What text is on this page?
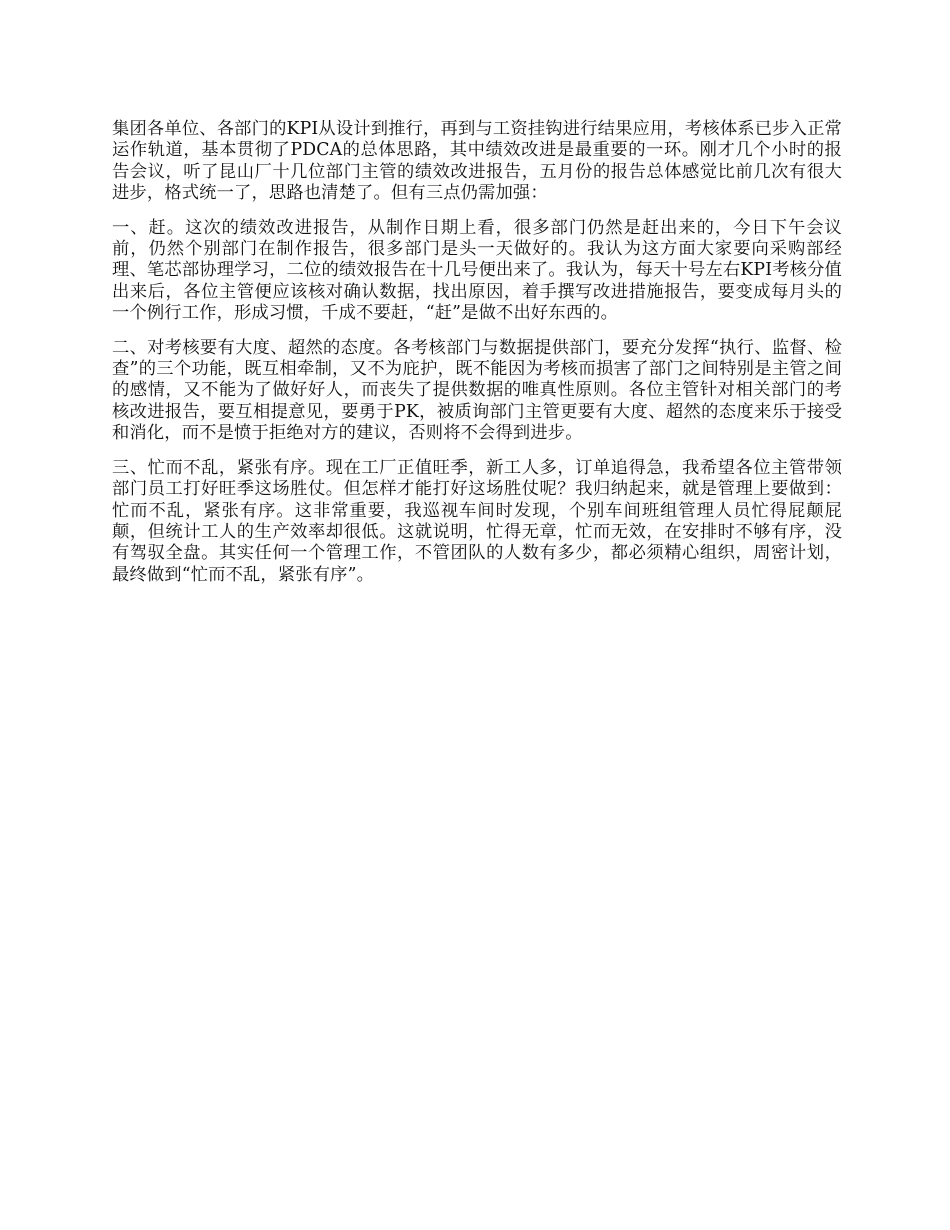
集团各单位、各部门的KPI从设计到推行，再到与工资挂钩进行结果应用，考核体系已步入正常运作轨道，基本贯彻了PDCA的总体思路，其中绩效改进是最重要的一环。刚才几个小时的报告会议，听了昆山厂十几位部门主管的绩效改进报告，五月份的报告总体感觉比前几次有很大进步，格式统一了，思路也清楚了。但有三点仍需加强：

一、赶。这次的绩效改进报告，从制作日期上看，很多部门仍然是赶出来的，今日下午会议前，仍然个别部门在制作报告，很多部门是头一天做好的。我认为这方面大家要向采购部经理、笔芯部协理学习，二位的绩效报告在十几号便出来了。我认为，每天十号左右KPI考核分值出来后，各位主管便应该核对确认数据，找出原因，着手撰写改进措施报告，要变成每月头的一个例行工作，形成习惯，千成不要赶，“赶”是做不出好东西的。

二、对考核要有大度、超然的态度。各考核部门与数据提供部门，要充分发挥“执行、监督、检查”的三个功能，既互相牵制，又不为庇护，既不能因为考核而损害了部门之间特别是主管之间的感情，又不能为了做好好人，而丧失了提供数据的唯真性原则。各位主管针对相关部门的考核改进报告，要互相提意见，要勇于PK，被质询部门主管更要有大度、超然的态度来乐于接受和消化，而不是愤于拒绝对方的建议，否则将不会得到进步。

三、忙而不乱，紧张有序。现在工厂正值旺季，新工人多，订单追得急，我希望各位主管带领部门员工打好旺季这场胜仗。但怎样才能打好这场胜仗呢？我归纳起来，就是管理上要做到：忙而不乱，紧张有序。这非常重要，我巡视车间时发现，个别车间班组管理人员忙得屁颠屁颠，但统计工人的生产效率却很低。这就说明，忙得无章，忙而无效，在安排时不够有序，没有驾驭全盘。其实任何一个管理工作，不管团队的人数有多少，都必须精心组织，周密计划，最终做到“忙而不乱，紧张有序”。
